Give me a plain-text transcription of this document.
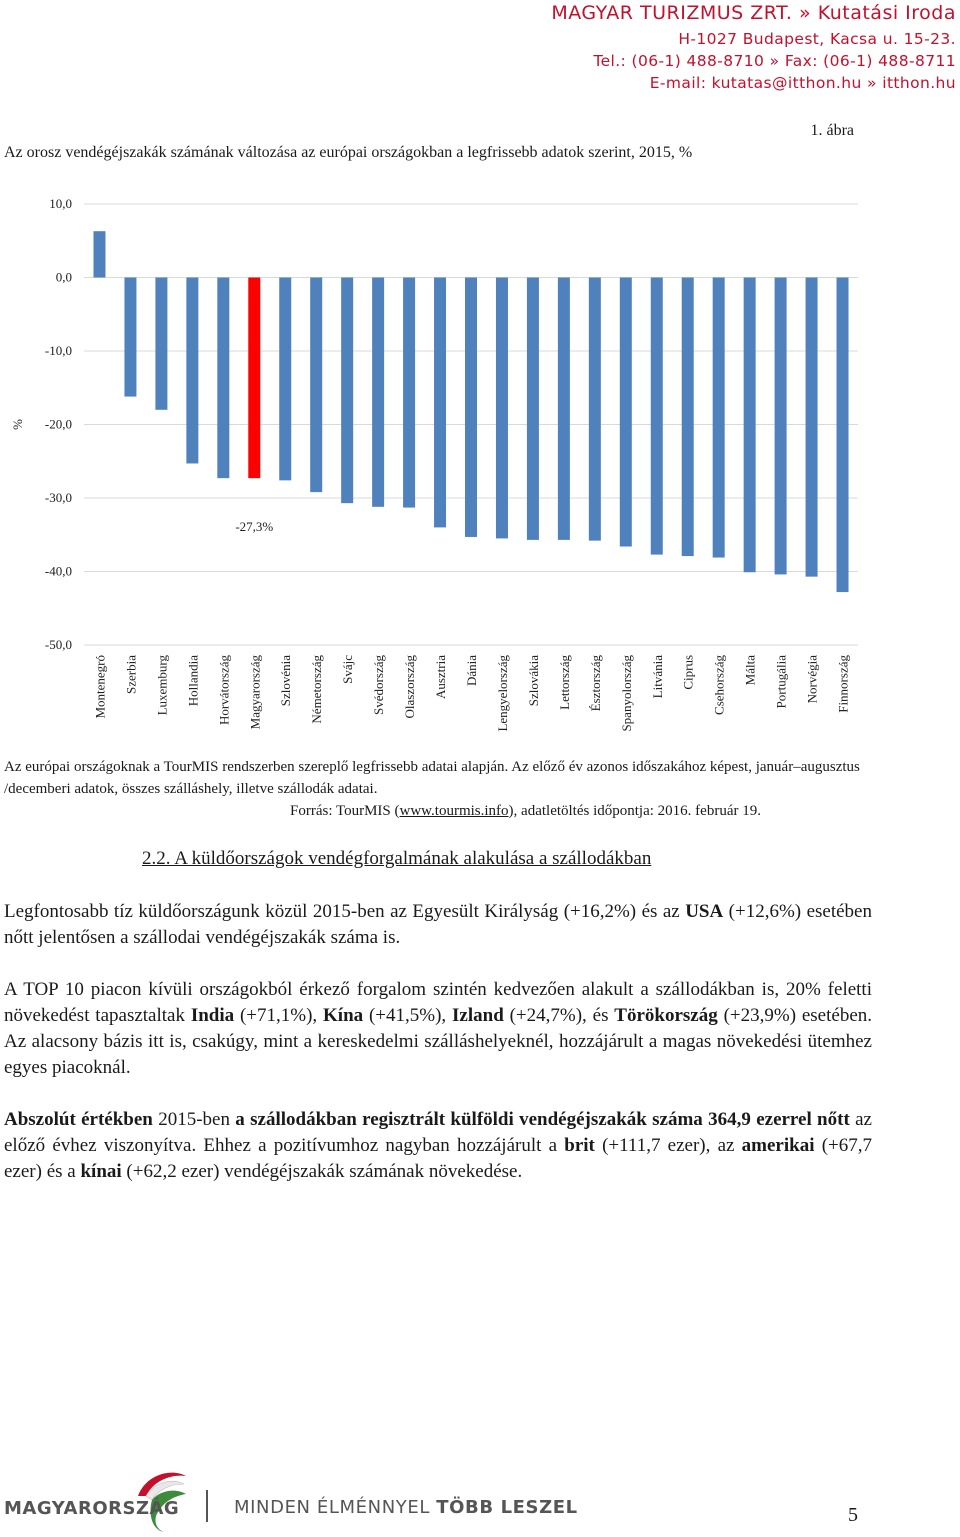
MAGYAR TURIZMUS ZRT. » Kutatási Iroda
H-1027 Budapest, Kacsa u. 15-23.
Tel.: (06-1) 488-8710 » Fax: (06-1) 488-8711
E-mail: kutatas@itthon.hu » itthon.hu
1. ábra
Az orosz vendégéjszakák számának változása az európai országokban a legfrissebb adatok szerint, 2015, %
10,0
0,0
-10,0
-20,0
-30,0
-40,0
-50,0
%
Montenegró Szerbia Luxemburg Hollandia Horvátország Magyarország Szlovénia Németország Svájc Svédország Olaszország Ausztria Dánia Lengyelország Szlovákia Lettország Észtország Spanyolország Litvánia Ciprus Csehország Málta Portugália Norvégia Finnország
-27,3%
Az európai országoknak a TourMIS rendszerben szereplő legfrissebb adatai alapján. Az előző év azonos időszakához képest, január–augusztus /decemberi adatok, összes szálláshely, illetve szállodák adatai.
Forrás: TourMIS (www.tourmis.info), adatletöltés időpontja: 2016. február 19.
2.2. A küldőországok vendégforgalmának alakulása a szállodákban
Legfontosabb tíz küldőországunk közül 2015-ben az Egyesült Királyság (+16,2%) és az USA (+12,6%) esetében nőtt jelentősen a szállodai vendégéjszakák száma is.
A TOP 10 piacon kívüli országokból érkező forgalom szintén kedvezően alakult a szállodákban is, 20% feletti növekedést tapasztaltak India (+71,1%), Kína (+41,5%), Izland (+24,7%), és Törökország (+23,9%) esetében. Az alacsony bázis itt is, csakúgy, mint a kereskedelmi szálláshelyeknél, hozzájárult a magas növekedési ütemhez egyes piacoknál.
Abszolút értékben 2015-ben a szállodákban regisztrált külföldi vendégéjszakák száma 364,9 ezerrel nőtt az előző évhez viszonyítva. Ehhez a pozitívumhoz nagyban hozzájárult a brit (+111,7 ezer), az amerikai (+67,7 ezer) és a kínai (+62,2 ezer) vendégéjszakák számának növekedése.
MAGYARORSZÁG	MINDEN ÉLMÉNNYEL TÖBB LESZEL	5
